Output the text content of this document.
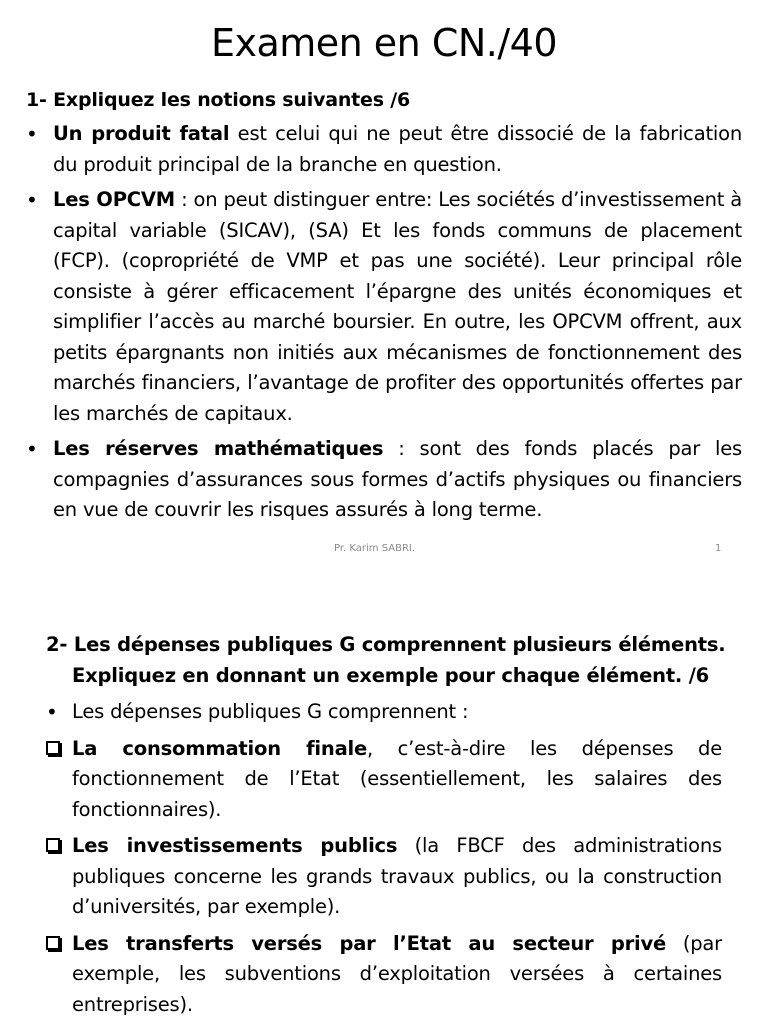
Examen en CN./40
1- Expliquez les notions suivantes /6
• Un produit fatal est celui qui ne peut être dissocié de la fabrication du produit principal de la branche en question.
• Les OPCVM : on peut distinguer entre: Les sociétés d’investissement à capital variable (SICAV), (SA) Et les fonds communs de placement (FCP). (copropriété de VMP et pas une société). Leur principal rôle consiste à gérer efficacement l’épargne des unités économiques et simplifier l’accès au marché boursier. En outre, les OPCVM offrent, aux petits épargnants non initiés aux mécanismes de fonctionnement des marchés financiers, l’avantage de profiter des opportunités offertes par les marchés de capitaux.
• Les réserves mathématiques : sont des fonds placés par les compagnies d’assurances sous formes d’actifs physiques ou financiers en vue de couvrir les risques assurés à long terme.
Pr. Karim SABRI.	1
2- Les dépenses publiques G comprennent plusieurs éléments.
Expliquez en donnant un exemple pour chaque élément. /6
• Les dépenses publiques G comprennent :
La consommation finale, c’est-à-dire les dépenses de fonctionnement de l’Etat (essentiellement, les salaires des fonctionnaires).
Les investissements publics (la FBCF des administrations publiques concerne les grands travaux publics, ou la construction d’universités, par exemple).
Les transferts versés par l’Etat au secteur privé (par exemple, les subventions d’exploitation versées à certaines entreprises).
